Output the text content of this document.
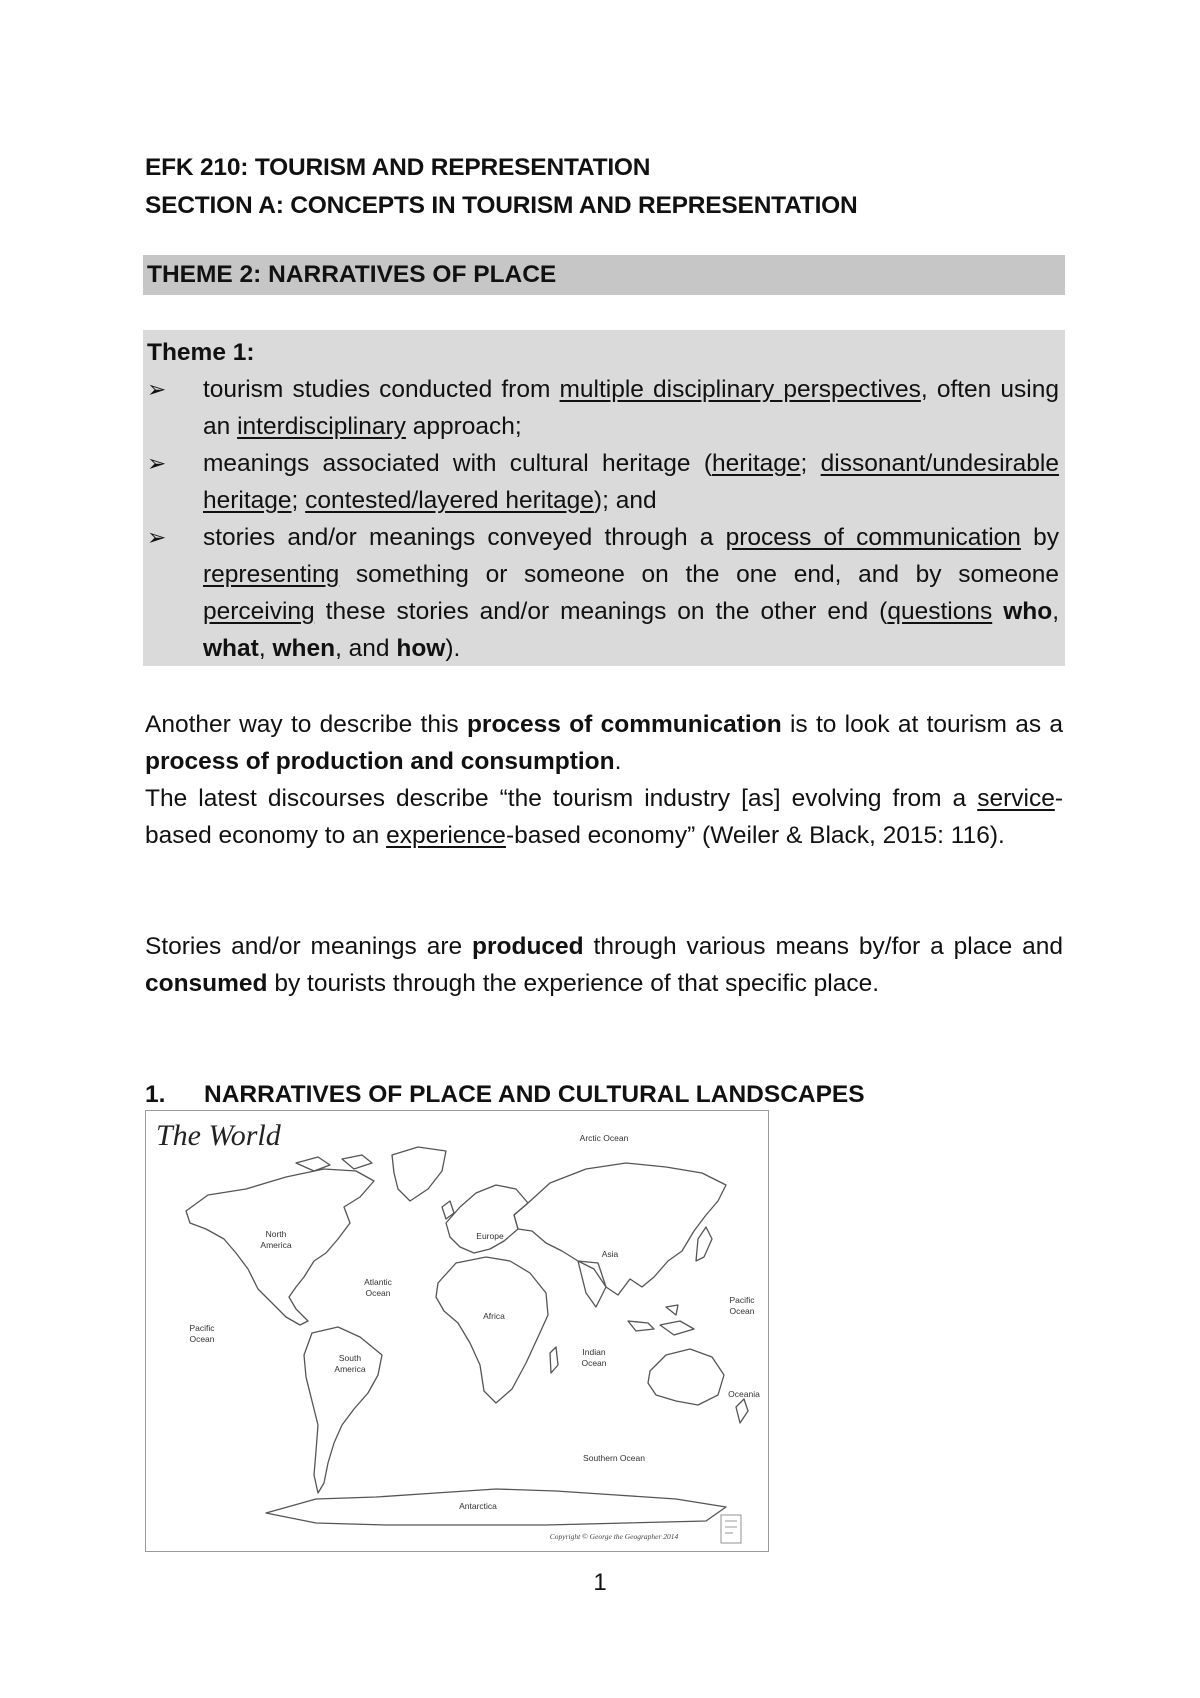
EFK 210: TOURISM AND REPRESENTATION
SECTION A: CONCEPTS IN TOURISM AND REPRESENTATION
THEME 2: NARRATIVES OF PLACE
Theme 1:
➢ tourism studies conducted from multiple disciplinary perspectives, often using an interdisciplinary approach;
➢ meanings associated with cultural heritage (heritage; dissonant/undesirable heritage; contested/layered heritage); and
➢ stories and/or meanings conveyed through a process of communication by representing something or someone on the one end, and by someone perceiving these stories and/or meanings on the other end (questions who, what, when, and how).

Another way to describe this process of communication is to look at tourism as a process of production and consumption.

The latest discourses describe “the tourism industry [as] evolving from a service-based economy to an experience-based economy” (Weiler & Black, 2015: 116).

Stories and/or meanings are produced through various means by/for a place and consumed by tourists through the experience of that specific place.

1. NARRATIVES OF PLACE AND CULTURAL LANDSCAPES
The World	Arctic Ocean
North
America
Europe
Asia
Atlantic
Ocean
Pacific
Ocean
Pacific
Ocean
Africa
South
America
Indian
Ocean
Oceania
Southern Ocean
Antarctica
Copyright © George the Geographer 2014
1
